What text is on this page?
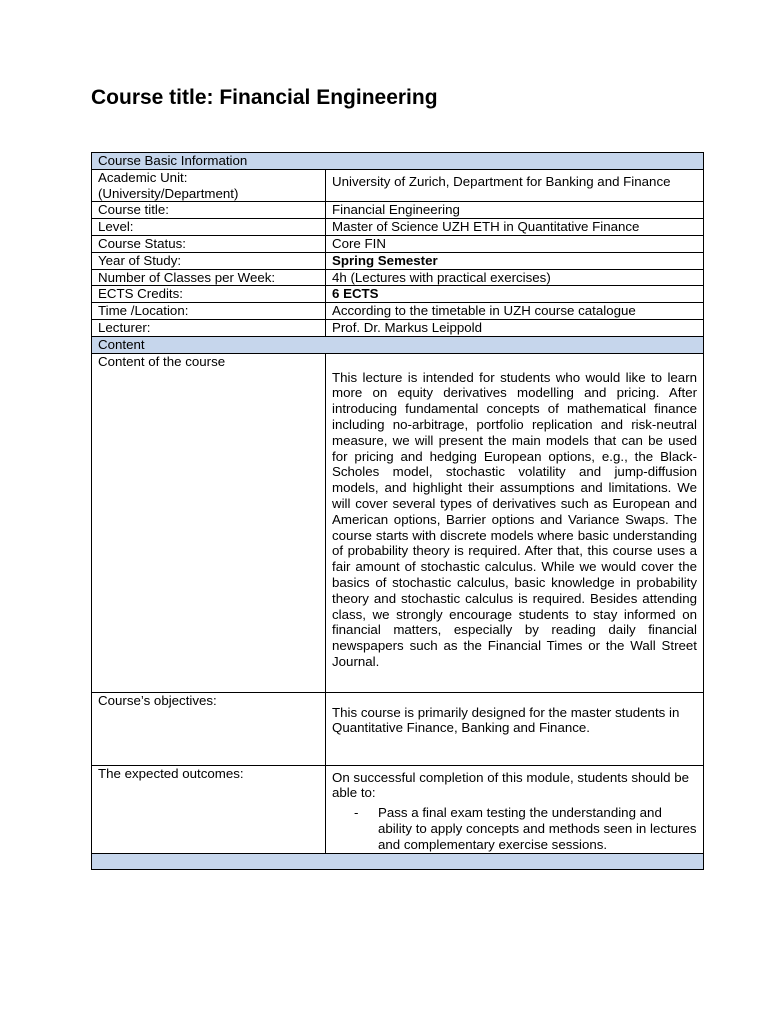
Course title: Financial Engineering
Course Basic Information	
Academic Unit:
(University/Department)	University of Zurich, Department for Banking and Finance
Course title:	Financial Engineering
Level:	Master of Science UZH ETH in Quantitative Finance
Course Status:	Core FIN
Year of Study:	Spring Semester
Number of Classes per Week:	4h (Lectures with practical exercises)
ECTS Credits:	6 ECTS
Time /Location:	According to the timetable in UZH course catalogue
Lecturer:	Prof. Dr. Markus Leippold
Content	
Content of the course	This lecture is intended for students who would like to learn more on equity derivatives modelling and pricing. After introducing fundamental concepts of mathematical finance including no-arbitrage, portfolio replication and risk-neutral measure, we will present the main models that can be used for pricing and hedging European options, e.g., the Black-Scholes model, stochastic volatility and jump-diffusion models, and highlight their assumptions and limitations. We will cover several types of derivatives such as European and American options, Barrier options and Variance Swaps. The course starts with discrete models where basic understanding of probability theory is required. After that, this course uses a fair amount of stochastic calculus. While we would cover the basics of stochastic calculus, basic knowledge in probability theory and stochastic calculus is required. Besides attending class, we strongly encourage students to stay informed on financial matters, especially by reading daily financial newspapers such as the Financial Times or the Wall Street Journal.

Course’s objectives:	This course is primarily designed for the master students in Quantitative Finance, Banking and Finance.

The expected outcomes:	On successful completion of this module, students should be able to:
- Pass a final exam testing the understanding and ability to apply concepts and methods seen in lectures and complementary exercise sessions.
